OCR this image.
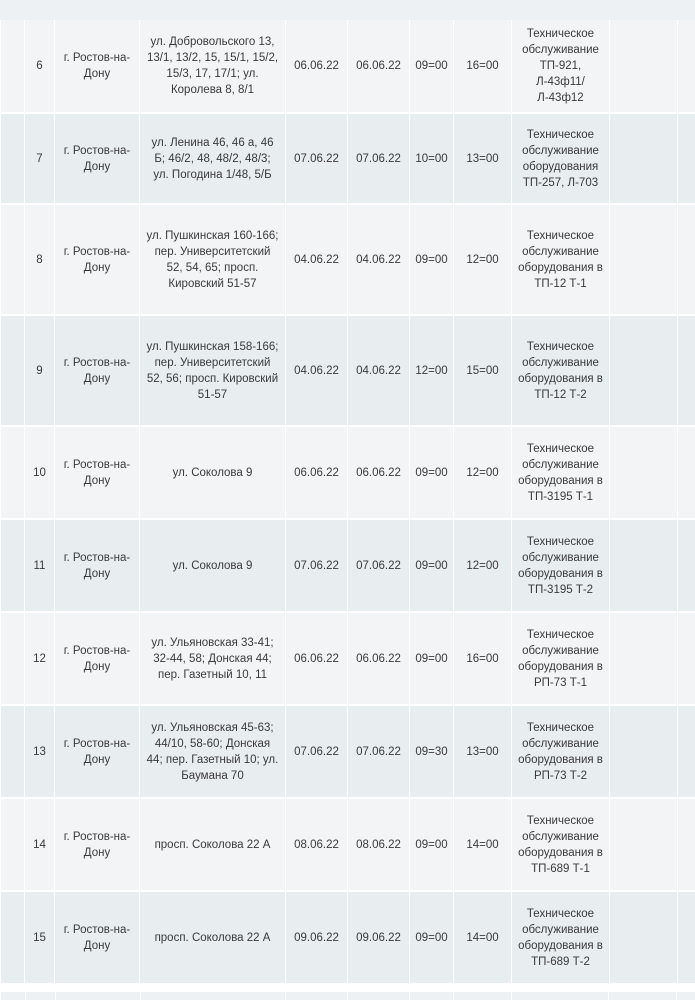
	6	г. Ростов-на-Дону	ул. Добровольского 13, 13/1, 13/2, 15, 15/1, 15/2, 15/3, 17, 17/1; ул. Королева 8, 8/1	06.06.22	06.06.22	09=00	16=00	Техническое обслуживание ТП-921, Л-43ф11/ Л-43ф12		
	7	г. Ростов-на-Дону	ул. Ленина 46, 46 а, 46 Б; 46/2, 48, 48/2, 48/3; ул. Погодина 1/48, 5/Б	07.06.22	07.06.22	10=00	13=00	Техническое обслуживание оборудования ТП-257, Л-703		
	8	г. Ростов-на-Дону	ул. Пушкинская 160-166; пер. Университетский 52, 54, 65; просп. Кировский 51-57	04.06.22	04.06.22	09=00	12=00	Техническое обслуживание оборудования в ТП-12 Т-1		
	9	г. Ростов-на-Дону	ул. Пушкинская 158-166; пер. Университетский 52, 56; просп. Кировский 51-57	04.06.22	04.06.22	12=00	15=00	Техническое обслуживание оборудования в ТП-12 Т-2		
	10	г. Ростов-на-Дону	ул. Соколова 9	06.06.22	06.06.22	09=00	12=00	Техническое обслуживание оборудования в ТП-3195 Т-1		
	11	г. Ростов-на-Дону	ул. Соколова 9	07.06.22	07.06.22	09=00	12=00	Техническое обслуживание оборудования в ТП-3195 Т-2		
	12	г. Ростов-на-Дону	ул. Ульяновская 33-41; 32-44, 58; Донская 44; пер. Газетный 10, 11	06.06.22	06.06.22	09=00	16=00	Техническое обслуживание оборудования в РП-73 Т-1		
	13	г. Ростов-на-Дону	ул. Ульяновская 45-63; 44/10, 58-60; Донская 44; пер. Газетный 10; ул. Баумана 70	07.06.22	07.06.22	09=30	13=00	Техническое обслуживание оборудования в РП-73 Т-2		
	14	г. Ростов-на-Дону	просп. Соколова 22 А	08.06.22	08.06.22	09=00	14=00	Техническое обслуживание оборудования в ТП-689 Т-1		
	15	г. Ростов-на-Дону	просп. Соколова 22 А	09.06.22	09.06.22	09=00	14=00	Техническое обслуживание оборудования в ТП-689 Т-2		
